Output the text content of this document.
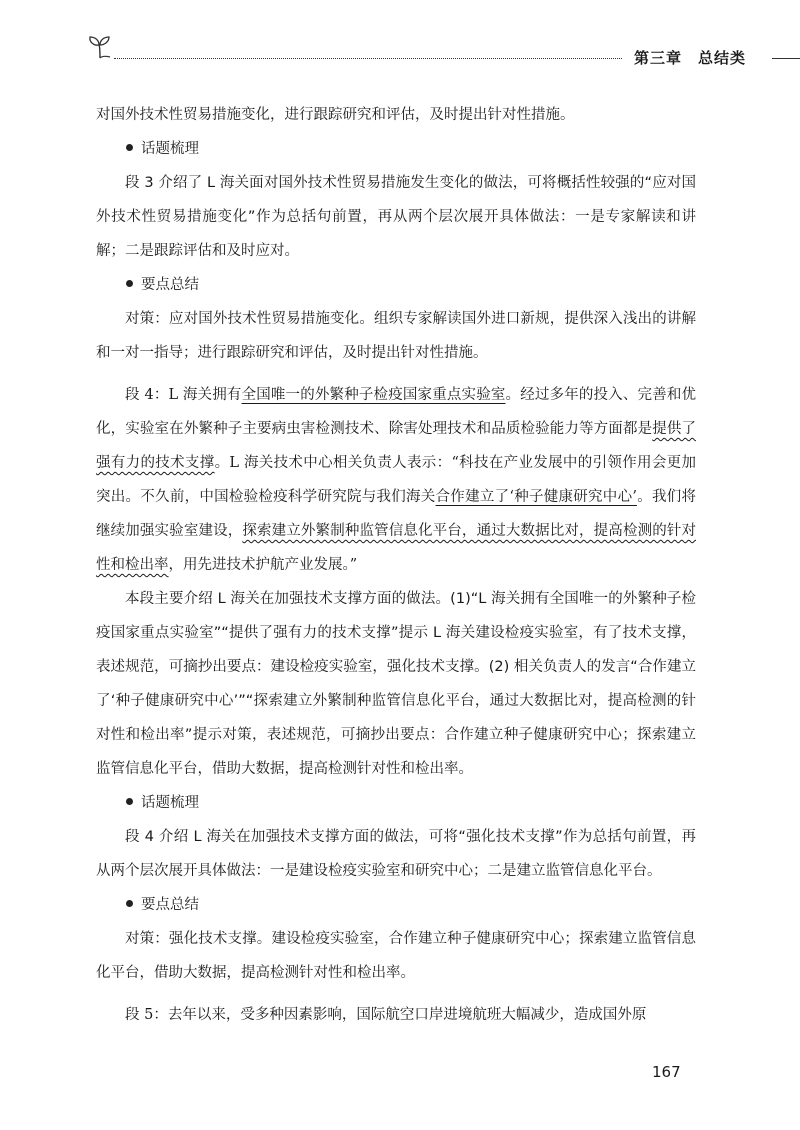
第三章　总结类

对国外技术性贸易措施变化，进行跟踪研究和评估，及时提出针对性措施。

话题梳理

段 3 介绍了 L 海关面对国外技术性贸易措施发生变化的做法，可将概括性较强的“应对国外技术性贸易措施变化”作为总括句前置，再从两个层次展开具体做法：一是专家解读和讲解；二是跟踪评估和及时应对。

要点总结

对策：应对国外技术性贸易措施变化。组织专家解读国外进口新规，提供深入浅出的讲解和一对一指导；进行跟踪研究和评估，及时提出针对性措施。

段 4：L 海关拥有全国唯一的外繁种子检疫国家重点实验室。经过多年的投入、完善和优化，实验室在外繁种子主要病虫害检测技术、除害处理技术和品质检验能力等方面都是提供了强有力的技术支撑。L 海关技术中心相关负责人表示：“科技在产业发展中的引领作用会更加突出。不久前，中国检验检疫科学研究院与我们海关合作建立了‘种子健康研究中心’。我们将继续加强实验室建设，探索建立外繁制种监管信息化平台，通过大数据比对，提高检测的针对性和检出率，用先进技术护航产业发展。”

本段主要介绍 L 海关在加强技术支撑方面的做法。(1)“L 海关拥有全国唯一的外繁种子检疫国家重点实验室”“提供了强有力的技术支撑”提示 L 海关建设检疫实验室，有了技术支撑，表述规范，可摘抄出要点：建设检疫实验室，强化技术支撑。(2) 相关负责人的发言“合作建立了‘种子健康研究中心’”“探索建立外繁制种监管信息化平台，通过大数据比对，提高检测的针对性和检出率”提示对策，表述规范，可摘抄出要点：合作建立种子健康研究中心；探索建立监管信息化平台，借助大数据，提高检测针对性和检出率。

话题梳理

段 4 介绍 L 海关在加强技术支撑方面的做法，可将“强化技术支撑”作为总括句前置，再从两个层次展开具体做法：一是建设检疫实验室和研究中心；二是建立监管信息化平台。

要点总结

对策：强化技术支撑。建设检疫实验室，合作建立种子健康研究中心；探索建立监管信息化平台，借助大数据，提高检测针对性和检出率。

段 5：去年以来，受多种因素影响，国际航空口岸进境航班大幅减少，造成国外原

167
